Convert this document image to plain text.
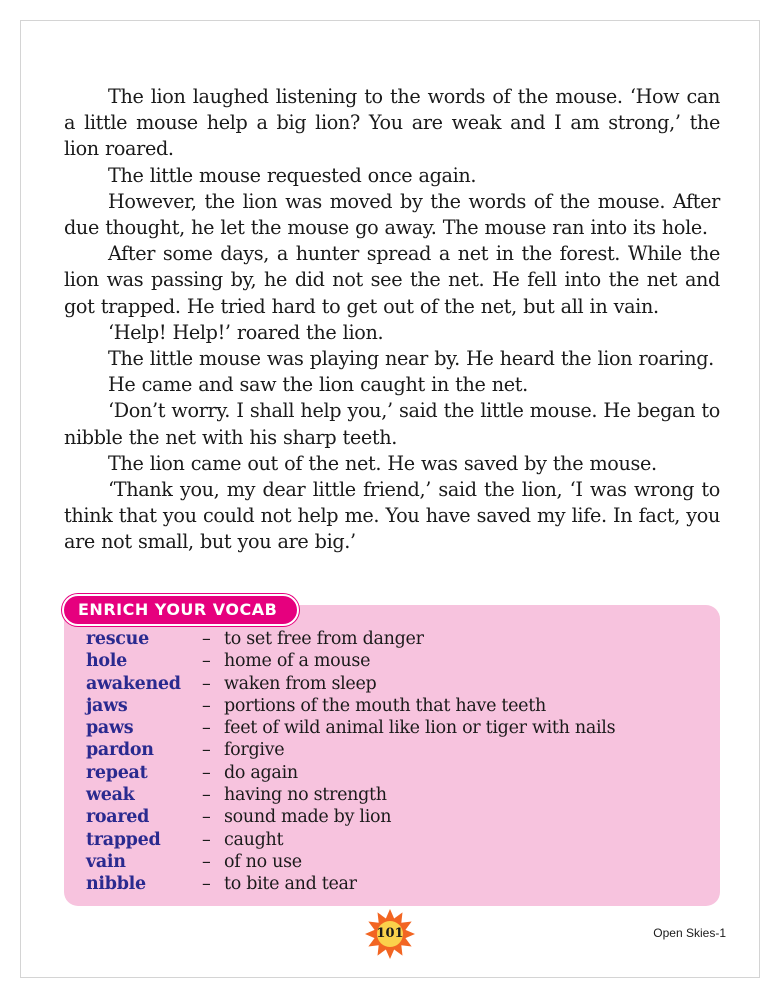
The lion laughed listening to the words of the mouse. ‘How can a little mouse help a big lion? You are weak and I am strong,’ the lion roared.

The little mouse requested once again.

However, the lion was moved by the words of the mouse. After due thought, he let the mouse go away. The mouse ran into its hole.

After some days, a hunter spread a net in the forest. While the lion was passing by, he did not see the net. He fell into the net and got trapped. He tried hard to get out of the net, but all in vain.

‘Help! Help!’ roared the lion.

The little mouse was playing near by. He heard the lion roaring.

He came and saw the lion caught in the net.

‘Don’t worry. I shall help you,’ said the little mouse. He began to nibble the net with his sharp teeth.

The lion came out of the net. He was saved by the mouse.

‘Thank you, my dear little friend,’ said the lion, ‘I was wrong to think that you could not help me. You have saved my life. In fact, you are not small, but you are big.’

ENRICH YOUR VOCAB
rescue	– to set free from danger
hole	– home of a mouse
awakened	– waken from sleep
jaws	– portions of the mouth that have teeth
paws	– feet of wild animal like lion or tiger with nails
pardon	– forgive
repeat	– do again
weak	– having no strength
roared	– sound made by lion
trapped	– caught
vain	– of no use
nibble	– to bite and tear
101	Open Skies-1
